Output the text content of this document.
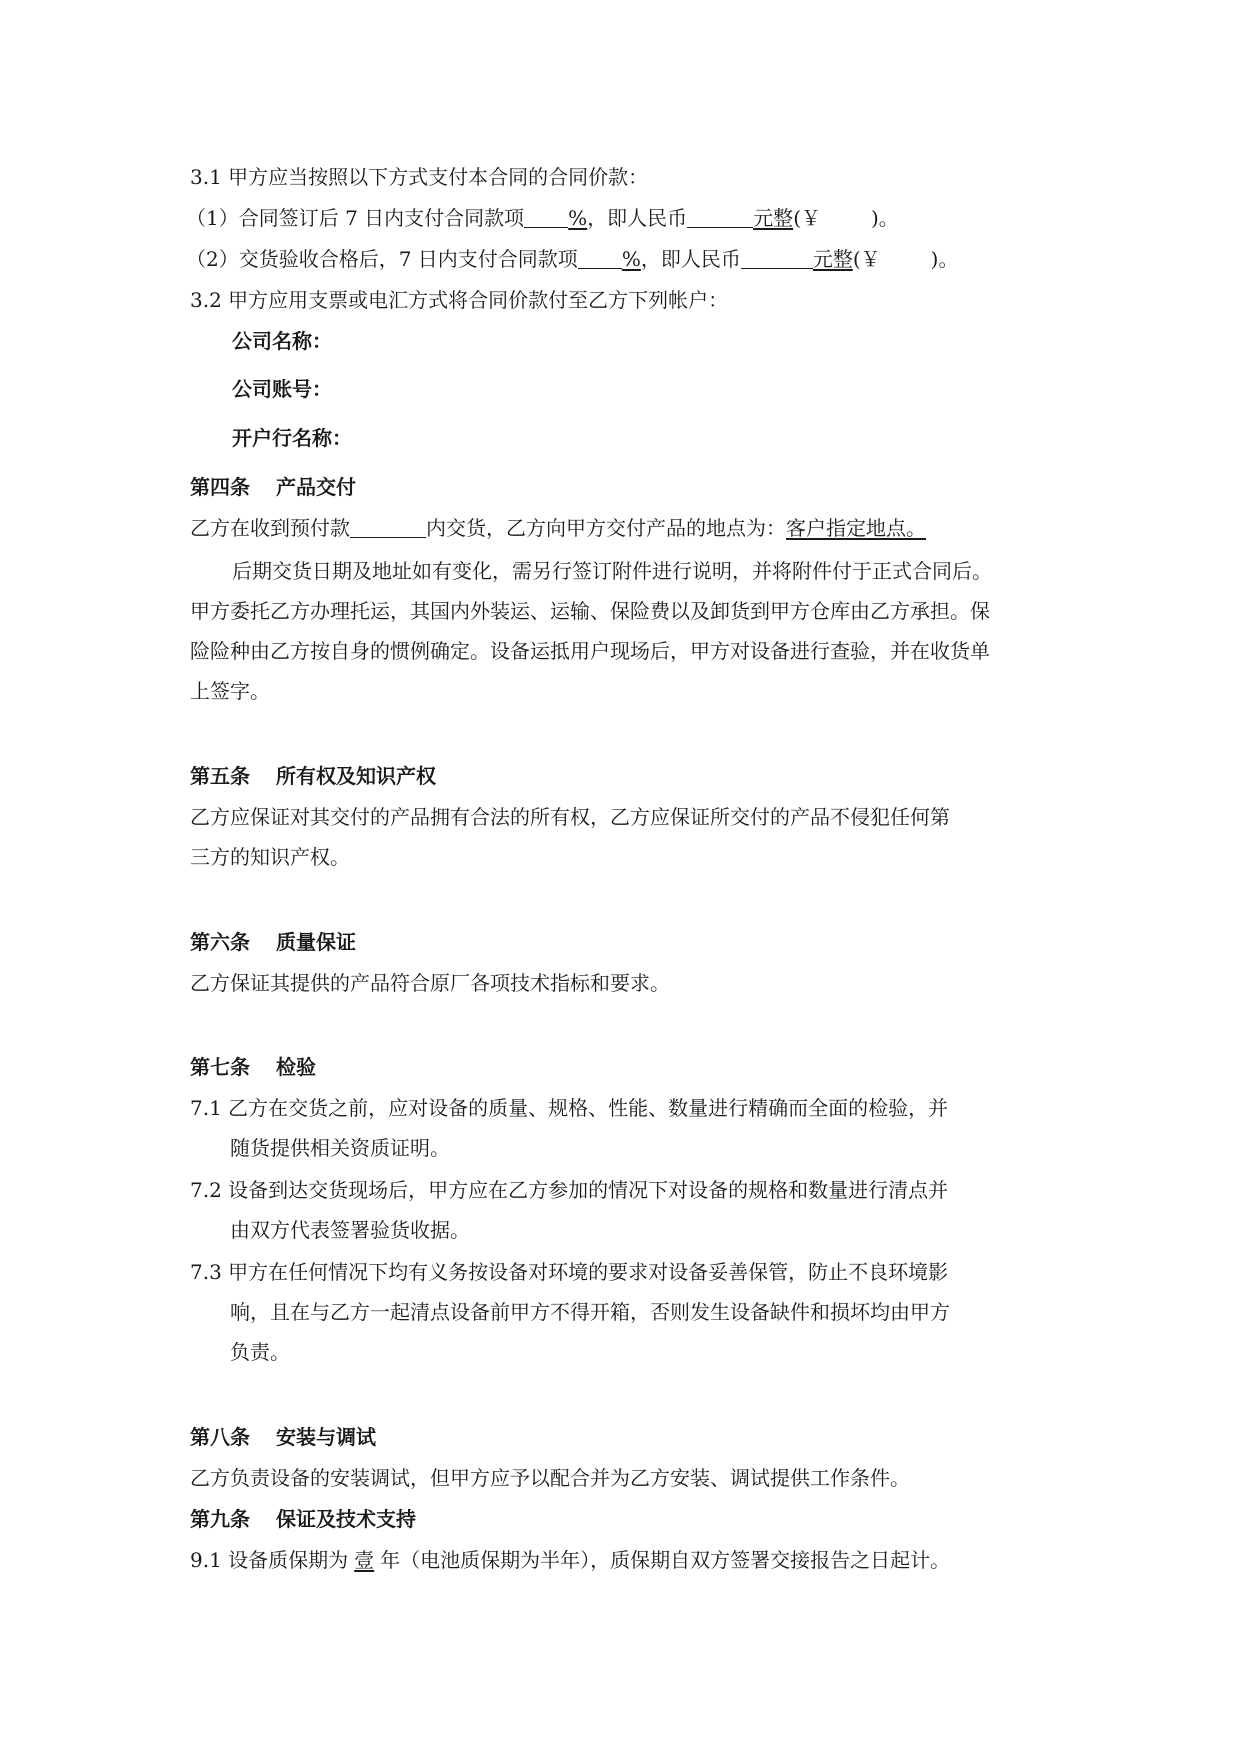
3.1 甲方应当按照以下方式支付本合同的合同价款：
（1）合同签订后 7 日内支付合同款项 %，即人民币	元整(￥	)。
（2）交货验收合格后，7 日内支付合同款项 %，即人民币	元整(￥	)。
3.2 甲方应用支票或电汇方式将合同价款付至乙方下列帐户：
公司名称：
公司账号：
开户行名称：
第四条 产品交付
乙方在收到预付款	内交货，乙方向甲方交付产品的地点为：客户指定地点。
后期交货日期及地址如有变化，需另行签订附件进行说明，并将附件付于正式合同后。
甲方委托乙方办理托运，其国内外装运、运输、保险费以及卸货到甲方仓库由乙方承担。保
险险种由乙方按自身的惯例确定。设备运抵用户现场后，甲方对设备进行查验，并在收货单
上签字。
第五条 所有权及知识产权
乙方应保证对其交付的产品拥有合法的所有权，乙方应保证所交付的产品不侵犯任何第
三方的知识产权。
第六条 质量保证
乙方保证其提供的产品符合原厂各项技术指标和要求。
第七条 检验
7.1 乙方在交货之前，应对设备的质量、规格、性能、数量进行精确而全面的检验，并
随货提供相关资质证明。
7.2 设备到达交货现场后，甲方应在乙方参加的情况下对设备的规格和数量进行清点并
由双方代表签署验货收据。
7.3 甲方在任何情况下均有义务按设备对环境的要求对设备妥善保管，防止不良环境影
响，且在与乙方一起清点设备前甲方不得开箱，否则发生设备缺件和损坏均由甲方
负责。
第八条 安装与调试
乙方负责设备的安装调试，但甲方应予以配合并为乙方安装、调试提供工作条件。
第九条 保证及技术支持
9.1 设备质保期为 壹 年（电池质保期为半年），质保期自双方签署交接报告之日起计。
